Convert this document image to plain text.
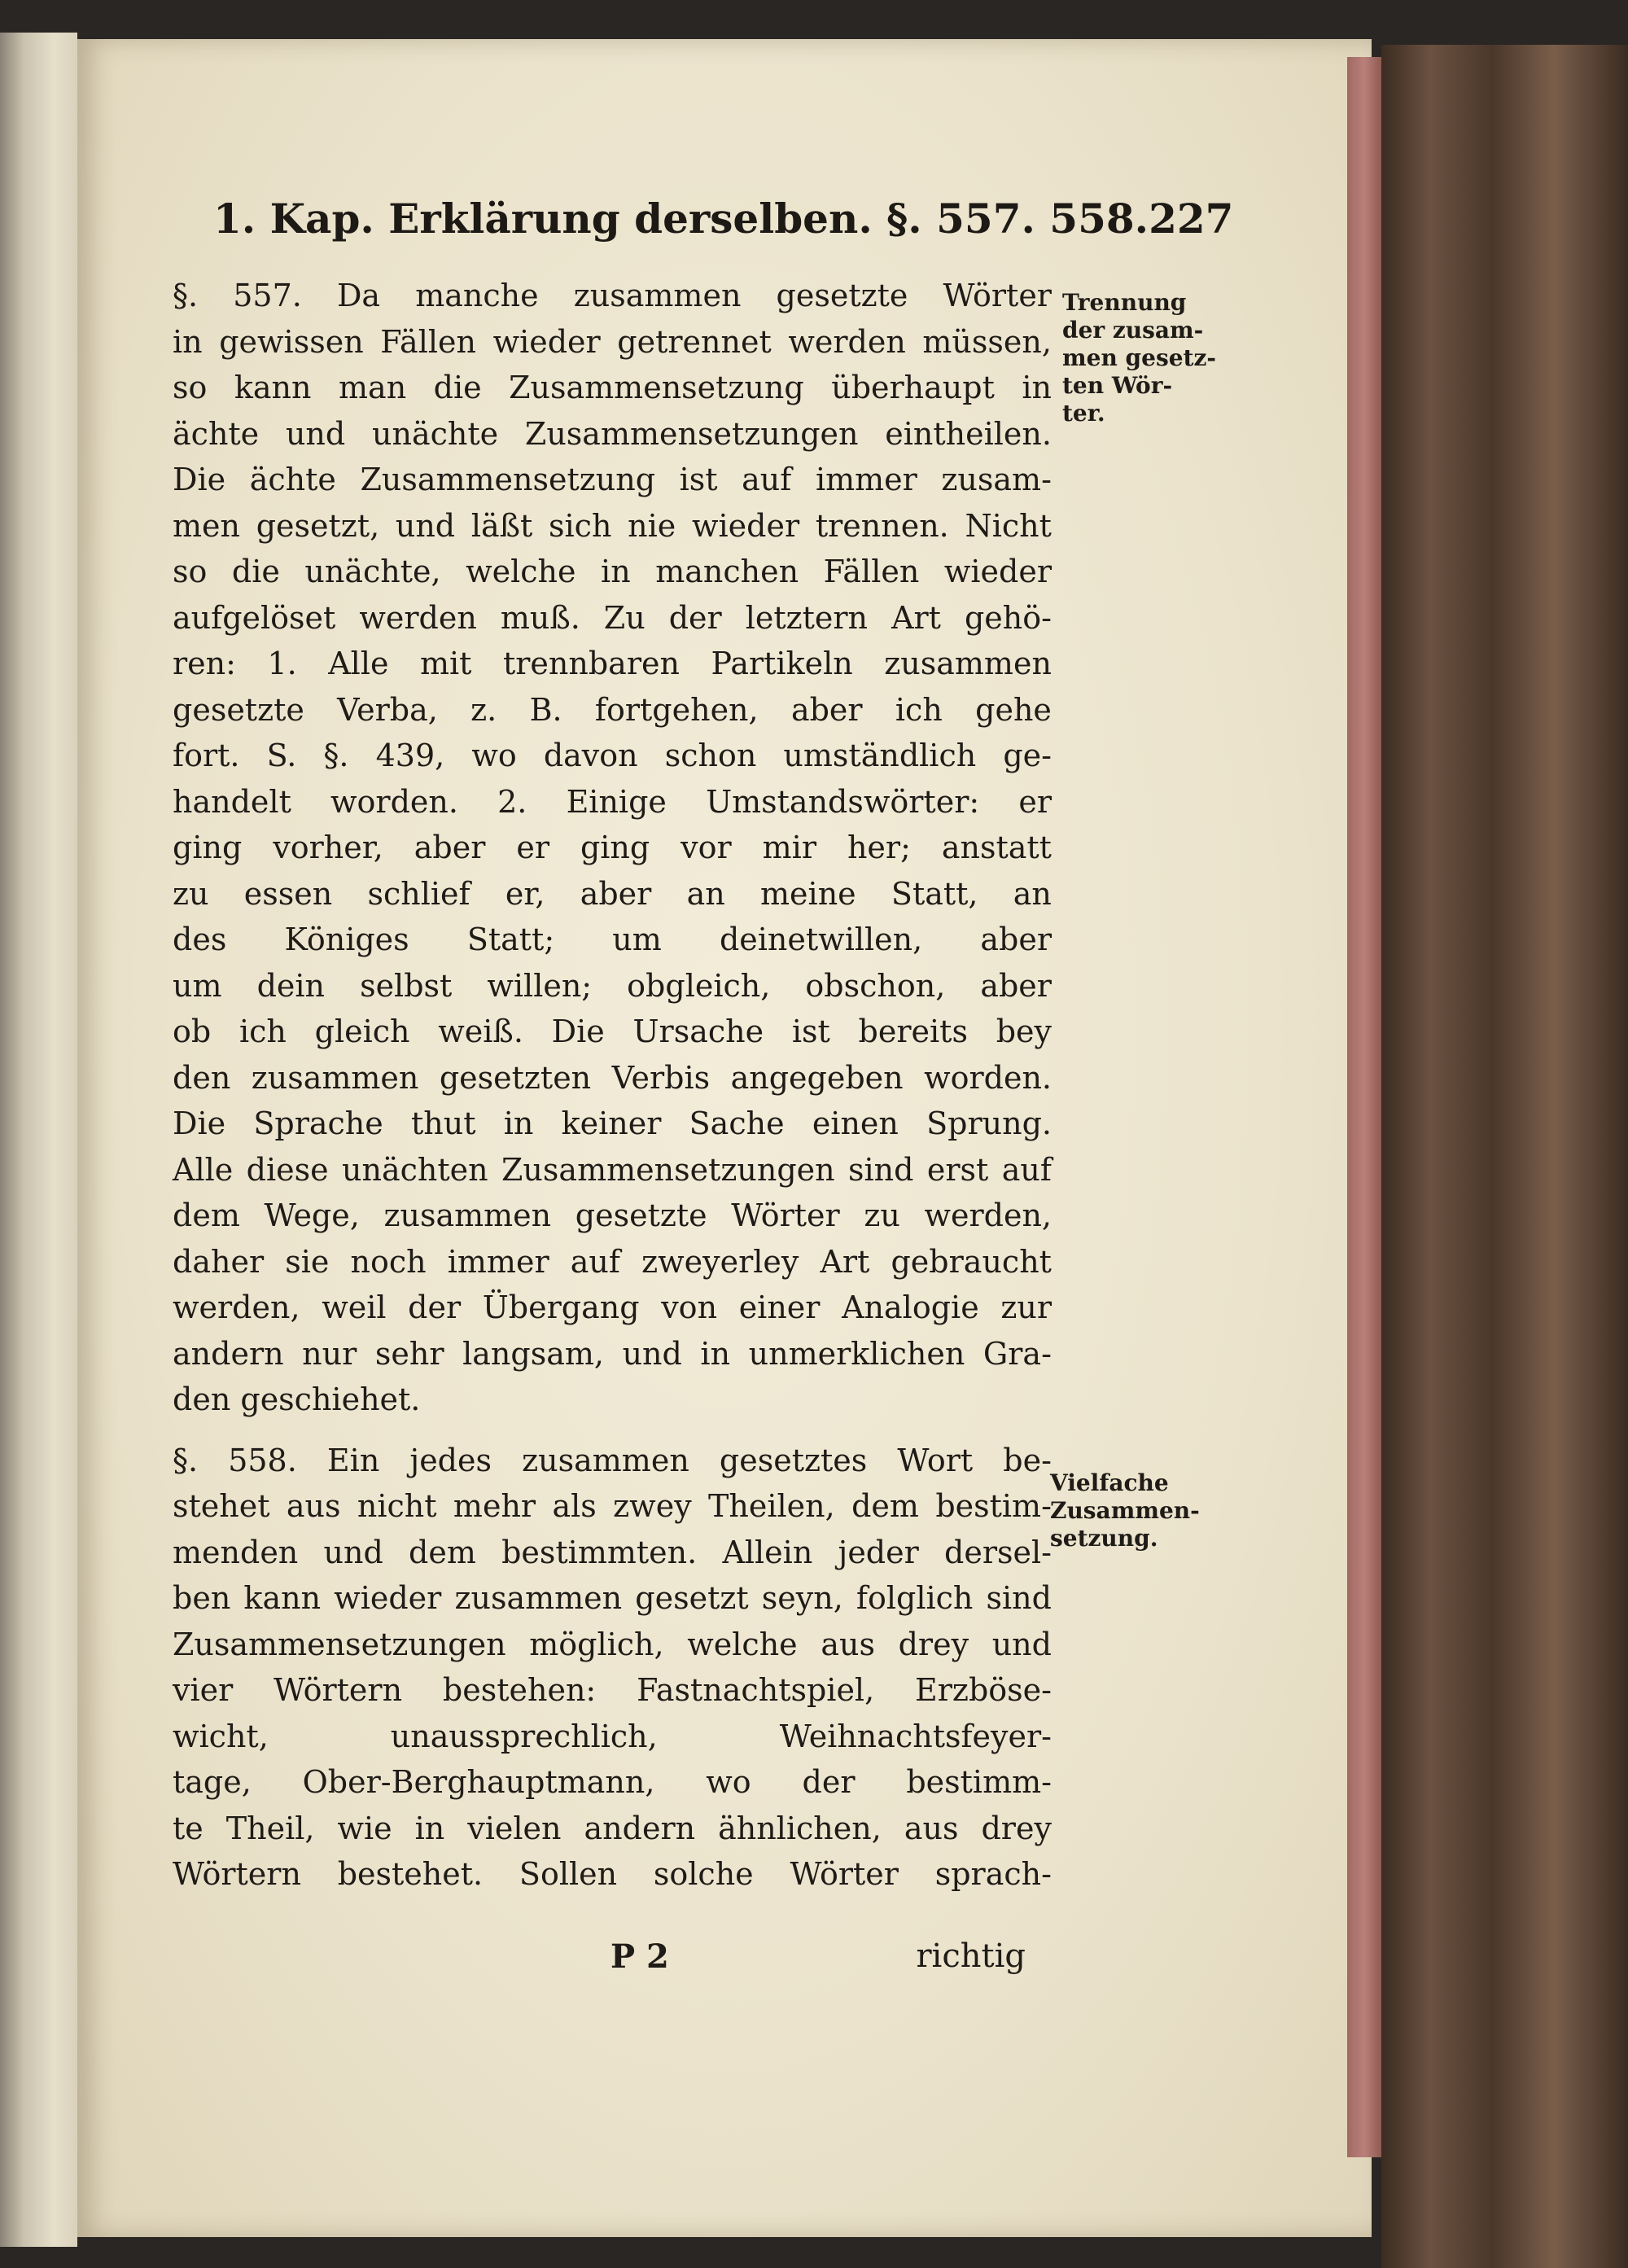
1. Kap. Erklärung derselben. §. 557. 558. 227
Trennung
der zusam-
men gesetz-
ten Wör-
ter.
Vielfache
Zusammen-
setzung.
§. 557. Da manche zusammen gesetzte Wörter
in gewissen Fällen wieder getrennet werden müssen,
so kann man die Zusammensetzung überhaupt in
ächte und unächte Zusammensetzungen eintheilen.
Die ächte Zusammensetzung ist auf immer zusam-
men gesetzt, und läßt sich nie wieder trennen. Nicht
so die unächte, welche in manchen Fällen wieder
aufgelöset werden muß. Zu der letztern Art gehö-
ren: 1. Alle mit trennbaren Partikeln zusammen
gesetzte Verba, z. B. fortgehen, aber ich gehe
fort. S. §. 439, wo davon schon umständlich ge-
handelt worden. 2. Einige Umstandswörter: er
ging vorher, aber er ging vor mir her; anstatt
zu essen schlief er, aber an meine Statt, an
des Königes Statt; um deinetwillen, aber
um dein selbst willen; obgleich, obschon, aber
ob ich gleich weiß. Die Ursache ist bereits bey
den zusammen gesetzten Verbis angegeben worden.
Die Sprache thut in keiner Sache einen Sprung.
Alle diese unächten Zusammensetzungen sind erst auf
dem Wege, zusammen gesetzte Wörter zu werden,
daher sie noch immer auf zweyerley Art gebraucht
werden, weil der Übergang von einer Analogie zur
andern nur sehr langsam, und in unmerklichen Gra-
den geschiehet.
§. 558. Ein jedes zusammen gesetztes Wort be-
stehet aus nicht mehr als zwey Theilen, dem bestim-
menden und dem bestimmten. Allein jeder dersel-
ben kann wieder zusammen gesetzt seyn, folglich sind
Zusammensetzungen möglich, welche aus drey und
vier Wörtern bestehen: Fastnachtspiel, Erzböse-
wicht,	unaussprechlich,	Weihnachtsfeyer-
tage, Ober-Berghauptmann, wo der bestimm-
te Theil, wie in vielen andern ähnlichen, aus drey
Wörtern bestehet. Sollen solche Wörter sprach-
P 2	richtig
